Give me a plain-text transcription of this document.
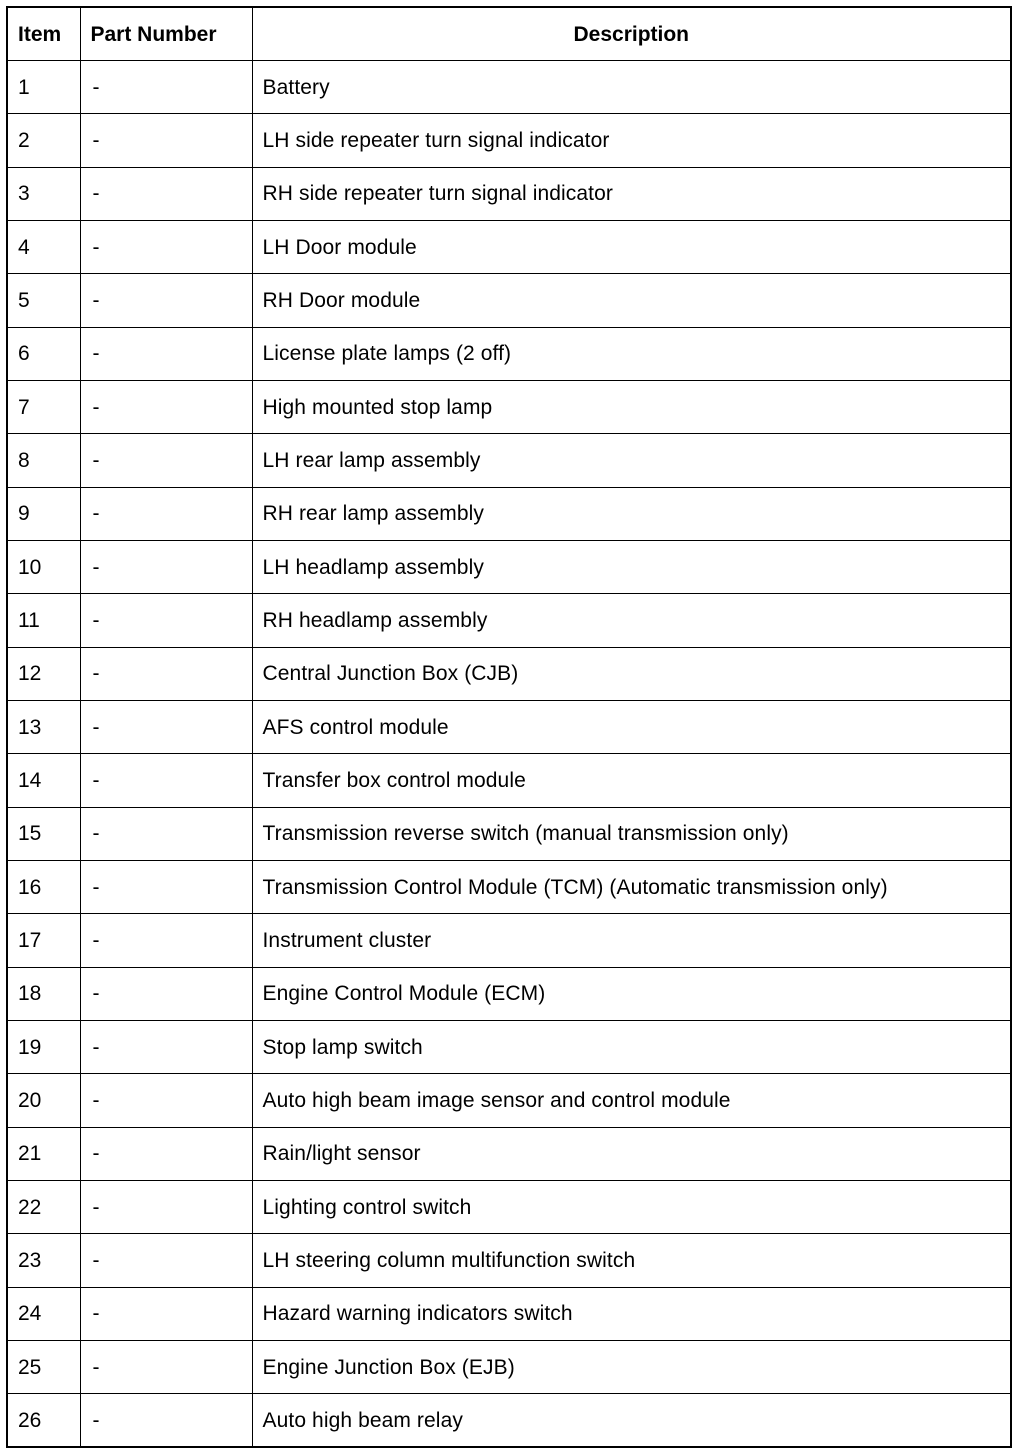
Item	Part Number	Description
1	-	Battery
2	-	LH side repeater turn signal indicator
3	-	RH side repeater turn signal indicator
4	-	LH Door module
5	-	RH Door module
6	-	License plate lamps (2 off)
7	-	High mounted stop lamp
8	-	LH rear lamp assembly
9	-	RH rear lamp assembly
10	-	LH headlamp assembly
11	-	RH headlamp assembly
12	-	Central Junction Box (CJB)
13	-	AFS control module
14	-	Transfer box control module
15	-	Transmission reverse switch (manual transmission only)
16	-	Transmission Control Module (TCM) (Automatic transmission only)
17	-	Instrument cluster
18	-	Engine Control Module (ECM)
19	-	Stop lamp switch
20	-	Auto high beam image sensor and control module
21	-	Rain/light sensor
22	-	Lighting control switch
23	-	LH steering column multifunction switch
24	-	Hazard warning indicators switch
25	-	Engine Junction Box (EJB)
26	-	Auto high beam relay
